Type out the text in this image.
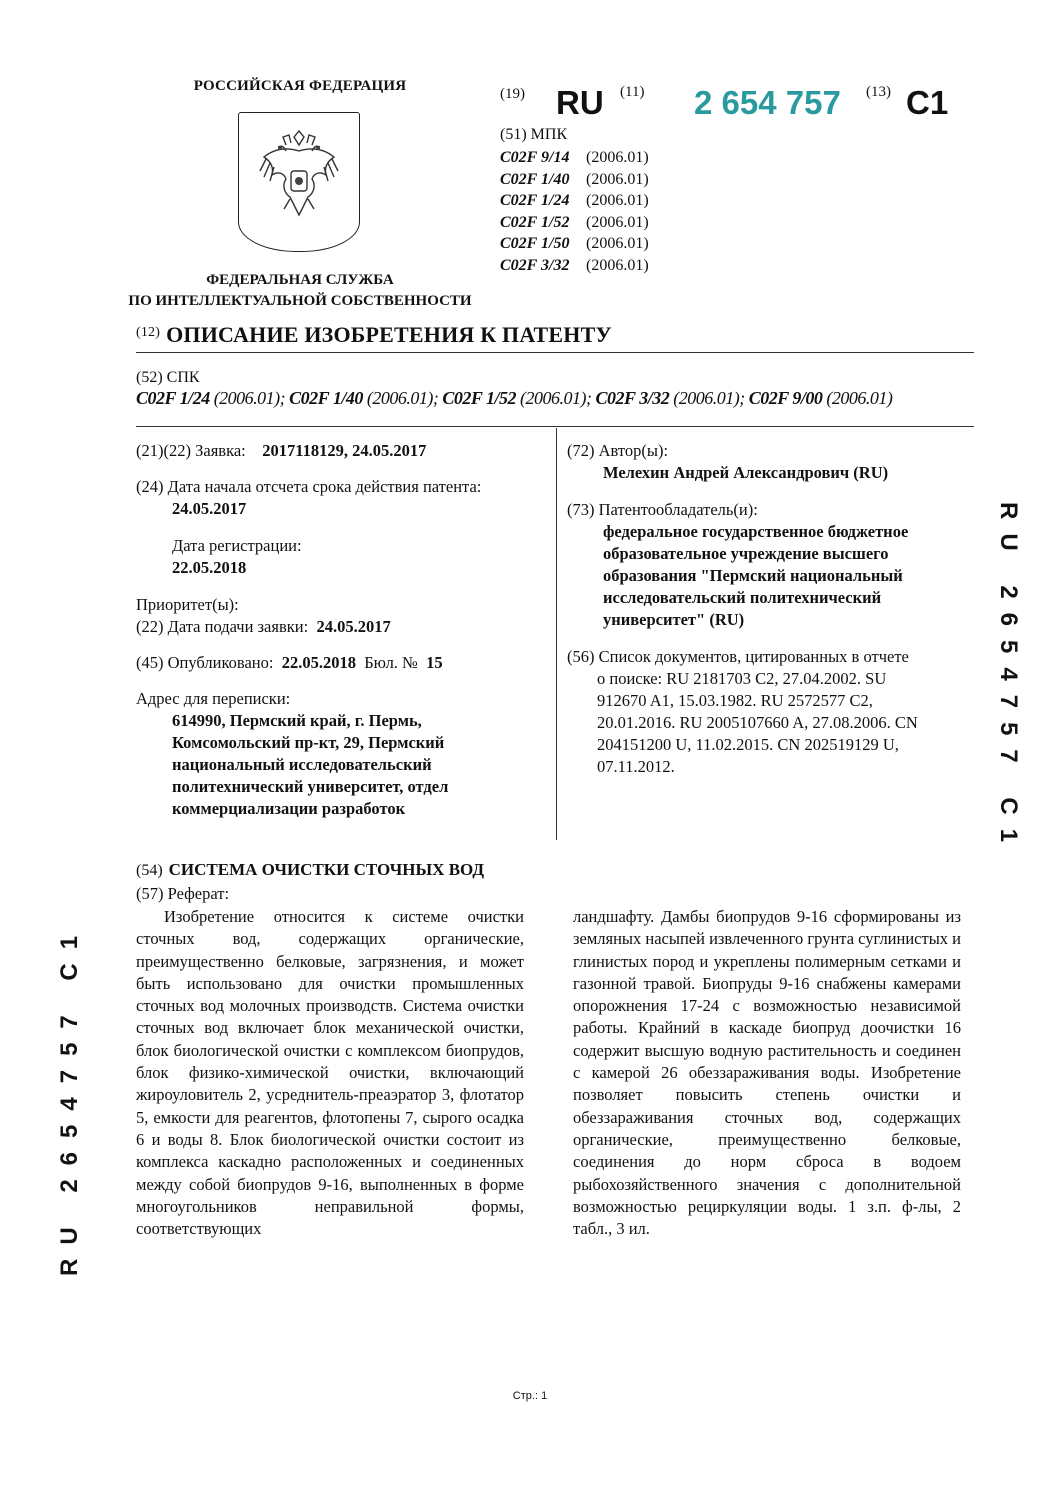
РОССИЙСКАЯ ФЕДЕРАЦИЯ
ФЕДЕРАЛЬНАЯ СЛУЖБА
ПО ИНТЕЛЛЕКТУАЛЬНОЙ СОБСТВЕННОСТИ
(19) RU (11) 2 654 757 (13) C1
(51) МПК
C02F 9/14 (2006.01)
C02F 1/40 (2006.01)
C02F 1/24 (2006.01)
C02F 1/52 (2006.01)
C02F 1/50 (2006.01)
C02F 3/32 (2006.01)
$^{(12)}$ ОПИСАНИЕ ИЗОБРЕТЕНИЯ К ПАТЕНТУ
(52) СПК
C02F 1/24 (2006.01); C02F 1/40 (2006.01); C02F 1/52 (2006.01); C02F 3/32 (2006.01); C02F 9/00 (2006.01)
(21)(22) Заявка: 2017118129, 24.05.2017
(24) Дата начала отсчета срока действия патента:
24.05.2017
Дата регистрации:
22.05.2018
Приоритет(ы):
(22) Дата подачи заявки: 24.05.2017
(45) Опубликовано: 22.05.2018 Бюл. № 15
Адрес для переписки:
614990, Пермский край, г. Пермь,
Комсомольский пр-кт, 29, Пермский
национальный исследовательский
политехнический университет, отдел
коммерциализации разработок
(72) Автор(ы):
Мелехин Андрей Александрович (RU)
(73) Патентообладатель(и):
федеральное государственное бюджетное
образовательное учреждение высшего
образования "Пермский национальный
исследовательский политехнический
университет" (RU)
(56) Список документов, цитированных в отчете
о поиске: RU 2181703 C2, 27.04.2002. SU
912670 A1, 15.03.1982. RU 2572577 C2,
20.01.2016. RU 2005107660 A, 27.08.2006. CN
204151200 U, 11.02.2015. CN 202519129 U,
07.11.2012.	RU 2654757 C1
RU 2654757 C1
(54) СИСТЕМА ОЧИСТКИ СТОЧНЫХ ВОД
(57) Реферат:

Изобретение относится к системе очистки сточных вод, содержащих органические, преимущественно белковые, загрязнения, и может быть использовано для очистки промышленных сточных вод молочных производств. Система очистки сточных вод включает блок механической очистки, блок биологической очистки с комплексом биопрудов, блок физико-химической очистки, включающий жироуловитель 2, усреднитель-преаэратор 3, флотатор 5, емкости для реагентов, флотопены 7, сырого осадка 6 и воды 8. Блок биологической очистки состоит из комплекса каскадно расположенных и соединенных между собой биопрудов 9-16, выполненных в форме многоугольников неправильной формы, соответствующих

ландшафту. Дамбы биопрудов 9-16 сформированы из земляных насыпей извлеченного грунта суглинистых и глинистых пород и укреплены полимерным сетками и газонной травой. Биопруды 9-16 снабжены камерами опорожнения 17-24 с возможностью независимой работы. Крайний в каскаде биопруд доочистки 16 содержит высшую водную растительность и соединен с камерой 26 обеззараживания воды. Изобретение позволяет повысить степень очистки и обеззараживания сточных вод, содержащих органические, преимущественно белковые, соединения до норм сброса в водоем рыбохозяйственного значения с дополнительной возможностью рециркуляции воды. 1 з.п. ф-лы, 2 табл., 3 ил.

Стр.: 1
